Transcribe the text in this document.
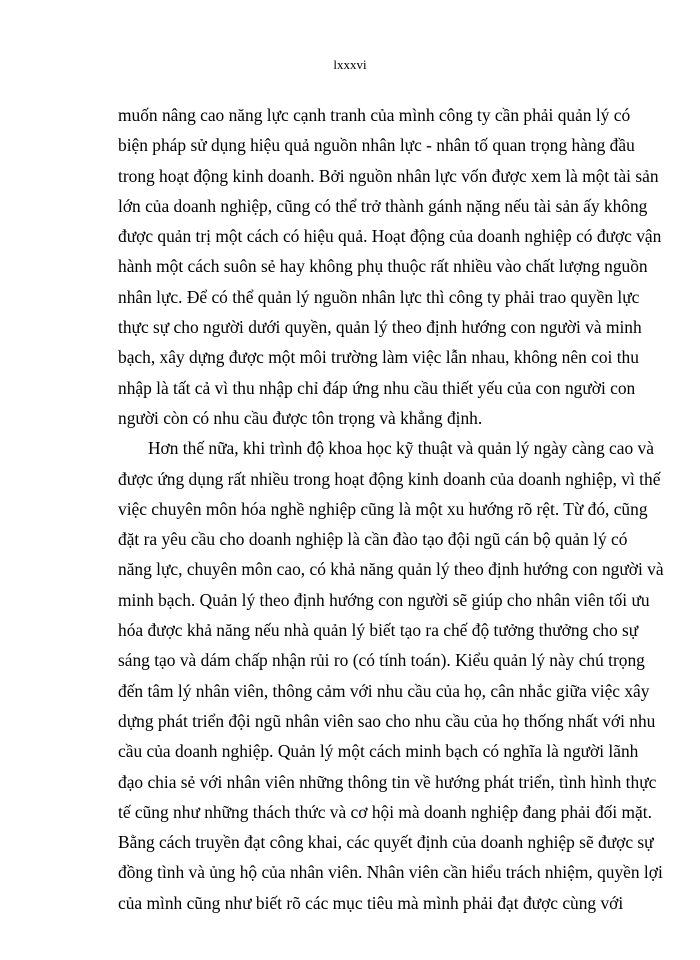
lxxxvi
muốn nâng cao năng lực cạnh tranh của mình công ty cần phải quản lý có
biện pháp sử dụng hiệu quả nguồn nhân lực - nhân tố quan trọng hàng đầu
trong hoạt động kinh doanh. Bởi nguồn nhân lực vốn được xem là một tài sản
lớn của doanh nghiệp, cũng có thể trở thành gánh nặng nếu tài sản ấy không
được quản trị một cách có hiệu quả. Hoạt động của doanh nghiệp có được vận
hành một cách suôn sẻ hay không phụ thuộc rất nhiều vào chất lượng nguồn
nhân lực. Để có thể quản lý nguồn nhân lực thì công ty phải trao quyền lực
thực sự cho người dưới quyền, quản lý theo định hướng con người và minh
bạch, xây dựng được một môi trường làm việc lẫn nhau, không nên coi thu
nhập là tất cả vì thu nhập chỉ đáp ứng nhu cầu thiết yếu của con người con
người còn có nhu cầu được tôn trọng và khẳng định.
Hơn thế nữa, khi trình độ khoa học kỹ thuật và quản lý ngày càng cao và
được ứng dụng rất nhiều trong hoạt động kinh doanh của doanh nghiệp, vì thế
việc chuyên môn hóa nghề nghiệp cũng là một xu hướng rõ rệt. Từ đó, cũng
đặt ra yêu cầu cho doanh nghiệp là cần đào tạo đội ngũ cán bộ quản lý có
năng lực, chuyên môn cao, có khả năng quản lý theo định hướng con người và
minh bạch. Quản lý theo định hướng con người sẽ giúp cho nhân viên tối ưu
hóa được khả năng nếu nhà quản lý biết tạo ra chế độ tưởng thưởng cho sự
sáng tạo và dám chấp nhận rủi ro (có tính toán). Kiểu quản lý này chú trọng
đến tâm lý nhân viên, thông cảm với nhu cầu của họ, cân nhắc giữa việc xây
dựng phát triển đội ngũ nhân viên sao cho nhu cầu của họ thống nhất với nhu
cầu của doanh nghiệp. Quản lý một cách minh bạch có nghĩa là người lãnh
đạo chia sẻ với nhân viên những thông tin về hướng phát triển, tình hình thực
tế cũng như những thách thức và cơ hội mà doanh nghiệp đang phải đối mặt.
Bằng cách truyền đạt công khai, các quyết định của doanh nghiệp sẽ được sự
đồng tình và ủng hộ của nhân viên. Nhân viên cần hiểu trách nhiệm, quyền lợi
của mình cũng như biết rõ các mục tiêu mà mình phải đạt được cùng với
